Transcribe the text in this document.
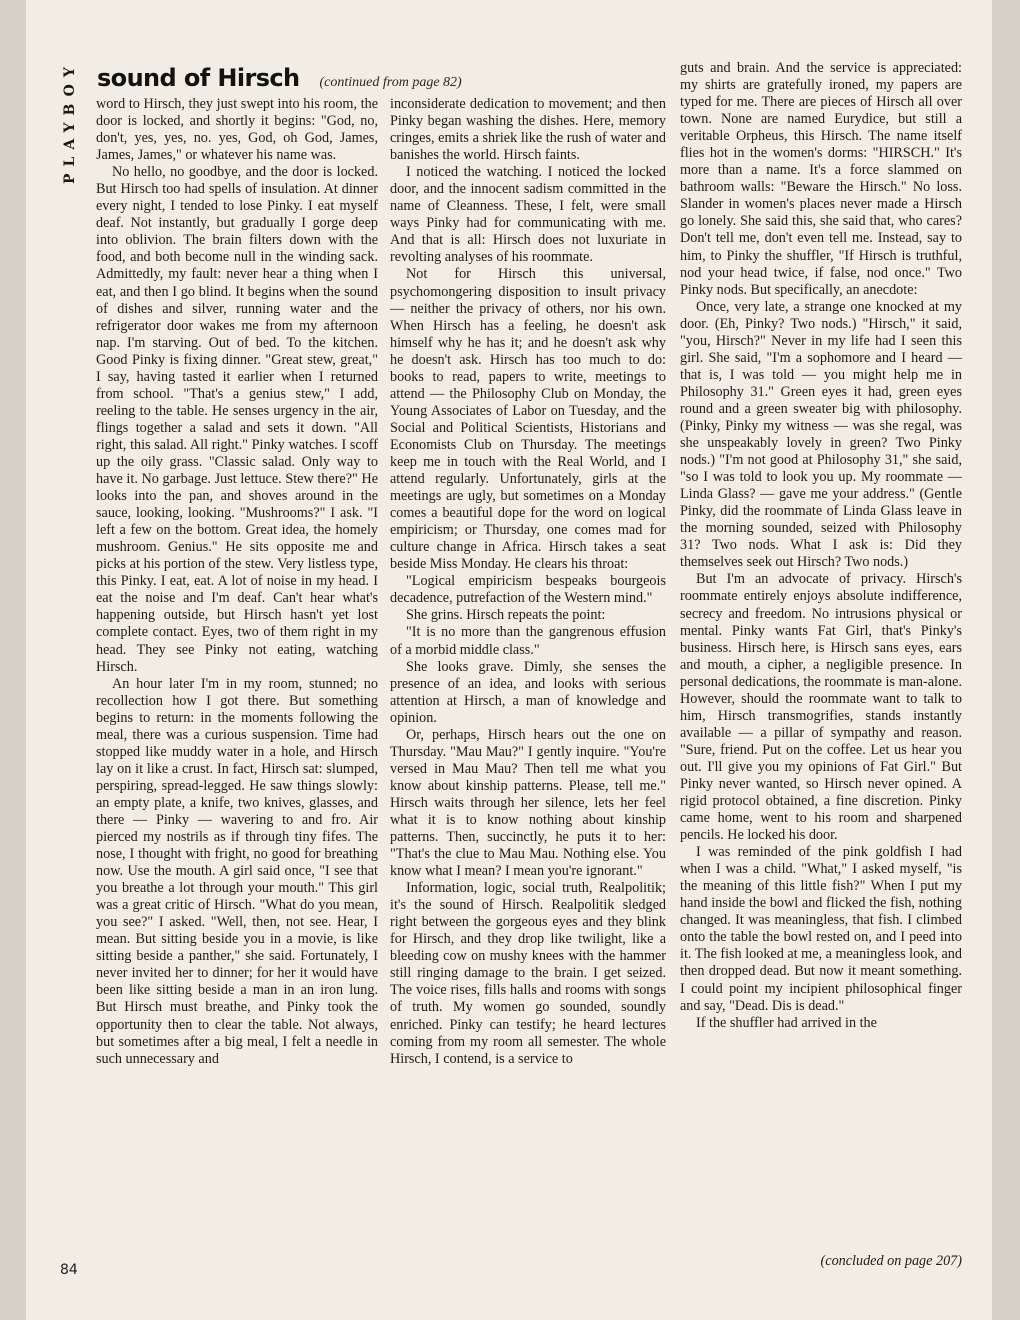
PLAYBOY sound of Hirsch (continued from page 82)

word to Hirsch, they just swept into his room, the door is locked, and shortly it begins: "God, no, don't, yes, yes, no. yes, God, oh God, James, James, James," or whatever his name was.

No hello, no goodbye, and the door is locked. But Hirsch too had spells of insulation. At dinner every night, I tended to lose Pinky. I eat myself deaf. Not instantly, but gradually I gorge deep into oblivion. The brain filters down with the food, and both become null in the winding sack. Admittedly, my fault: never hear a thing when I eat, and then I go blind. It begins when the sound of dishes and silver, running water and the refrigerator door wakes me from my afternoon nap. I'm starving. Out of bed. To the kitchen. Good Pinky is fixing dinner. "Great stew, great," I say, having tasted it earlier when I returned from school. "That's a genius stew," I add, reeling to the table. He senses urgency in the air, flings together a salad and sets it down. "All right, this salad. All right." Pinky watches. I scoff up the oily grass. "Classic salad. Only way to have it. No garbage. Just lettuce. Stew there?" He looks into the pan, and shoves around in the sauce, looking, looking. "Mushrooms?" I ask. "I left a few on the bottom. Great idea, the homely mushroom. Genius." He sits opposite me and picks at his portion of the stew. Very listless type, this Pinky. I eat, eat. A lot of noise in my head. I eat the noise and I'm deaf. Can't hear what's happening outside, but Hirsch hasn't yet lost complete contact. Eyes, two of them right in my head. They see Pinky not eating, watching Hirsch.

An hour later I'm in my room, stunned; no recollection how I got there. But something begins to return: in the moments following the meal, there was a curious suspension. Time had stopped like muddy water in a hole, and Hirsch lay on it like a crust. In fact, Hirsch sat: slumped, perspiring, spread-legged. He saw things slowly: an empty plate, a knife, two knives, glasses, and there — Pinky — wavering to and fro. Air pierced my nostrils as if through tiny fifes. The nose, I thought with fright, no good for breathing now. Use the mouth. A girl said once, "I see that you breathe a lot through your mouth." This girl was a great critic of Hirsch. "What do you mean, you see?" I asked. "Well, then, not see. Hear, I mean. But sitting beside you in a movie, is like sitting beside a panther," she said. Fortunately, I never invited her to dinner; for her it would have been like sitting beside a man in an iron lung. But Hirsch must breathe, and Pinky took the opportunity then to clear the table. Not always, but sometimes after a big meal, I felt a needle in such unnecessary and

inconsiderate dedication to movement; and then Pinky began washing the dishes. Here, memory cringes, emits a shriek like the rush of water and banishes the world. Hirsch faints.

I noticed the watching. I noticed the locked door, and the innocent sadism committed in the name of Cleanness. These, I felt, were small ways Pinky had for communicating with me. And that is all: Hirsch does not luxuriate in revolting analyses of his roommate.

Not for Hirsch this universal, psychomongering disposition to insult privacy — neither the privacy of others, nor his own. When Hirsch has a feeling, he doesn't ask himself why he has it; and he doesn't ask why he doesn't ask. Hirsch has too much to do: books to read, papers to write, meetings to attend — the Philosophy Club on Monday, the Young Associates of Labor on Tuesday, and the Social and Political Scientists, Historians and Economists Club on Thursday. The meetings keep me in touch with the Real World, and I attend regularly. Unfortunately, girls at the meetings are ugly, but sometimes on a Monday comes a beautiful dope for the word on logical empiricism; or Thursday, one comes mad for culture change in Africa. Hirsch takes a seat beside Miss Monday. He clears his throat:

"Logical empiricism bespeaks bourgeois decadence, putrefaction of the Western mind."

She grins. Hirsch repeats the point:

"It is no more than the gangrenous effusion of a morbid middle class."

She looks grave. Dimly, she senses the presence of an idea, and looks with serious attention at Hirsch, a man of knowledge and opinion.

Or, perhaps, Hirsch hears out the one on Thursday. "Mau Mau?" I gently inquire. "You're versed in Mau Mau? Then tell me what you know about kinship patterns. Please, tell me." Hirsch waits through her silence, lets her feel what it is to know nothing about kinship patterns. Then, succinctly, he puts it to her: "That's the clue to Mau Mau. Nothing else. You know what I mean? I mean you're ignorant."

Information, logic, social truth, Realpolitik; it's the sound of Hirsch. Realpolitik sledged right between the gorgeous eyes and they blink for Hirsch, and they drop like twilight, like a bleeding cow on mushy knees with the hammer still ringing damage to the brain. I get seized. The voice rises, fills halls and rooms with songs of truth. My women go sounded, soundly enriched. Pinky can testify; he heard lectures coming from my room all semester. The whole Hirsch, I contend, is a service to

guts and brain. And the service is appreciated: my shirts are gratefully ironed, my papers are typed for me. There are pieces of Hirsch all over town. None are named Eurydice, but still a veritable Orpheus, this Hirsch. The name itself flies hot in the women's dorms: "HIRSCH." It's more than a name. It's a force slammed on bathroom walls: "Beware the Hirsch." No loss. Slander in women's places never made a Hirsch go lonely. She said this, she said that, who cares? Don't tell me, don't even tell me. Instead, say to him, to Pinky the shuffler, "If Hirsch is truthful, nod your head twice, if false, nod once." Two Pinky nods. But specifically, an anecdote:

Once, very late, a strange one knocked at my door. (Eh, Pinky? Two nods.) "Hirsch," it said, "you, Hirsch?" Never in my life had I seen this girl. She said, "I'm a sophomore and I heard — that is, I was told — you might help me in Philosophy 31." Green eyes it had, green eyes round and a green sweater big with philosophy. (Pinky, Pinky my witness — was she regal, was she unspeakably lovely in green? Two Pinky nods.) "I'm not good at Philosophy 31," she said, "so I was told to look you up. My roommate — Linda Glass? — gave me your address." (Gentle Pinky, did the roommate of Linda Glass leave in the morning sounded, seized with Philosophy 31? Two nods. What I ask is: Did they themselves seek out Hirsch? Two nods.)

But I'm an advocate of privacy. Hirsch's roommate entirely enjoys absolute indifference, secrecy and freedom. No intrusions physical or mental. Pinky wants Fat Girl, that's Pinky's business. Hirsch here, is Hirsch sans eyes, ears and mouth, a cipher, a negligible presence. In personal dedications, the roommate is man-alone. However, should the roommate want to talk to him, Hirsch transmogrifies, stands instantly available — a pillar of sympathy and reason. "Sure, friend. Put on the coffee. Let us hear you out. I'll give you my opinions of Fat Girl." But Pinky never wanted, so Hirsch never opined. A rigid protocol obtained, a fine discretion. Pinky came home, went to his room and sharpened pencils. He locked his door.

I was reminded of the pink goldfish I had when I was a child. "What," I asked myself, "is the meaning of this little fish?" When I put my hand inside the bowl and flicked the fish, nothing changed. It was meaningless, that fish. I climbed onto the table the bowl rested on, and I peed into it. The fish looked at me, a meaningless look, and then dropped dead. But now it meant something. I could point my incipient philosophical finger and say, "Dead. Dis is dead."

If the shuffler had arrived in the

(concluded on page 207)
84
